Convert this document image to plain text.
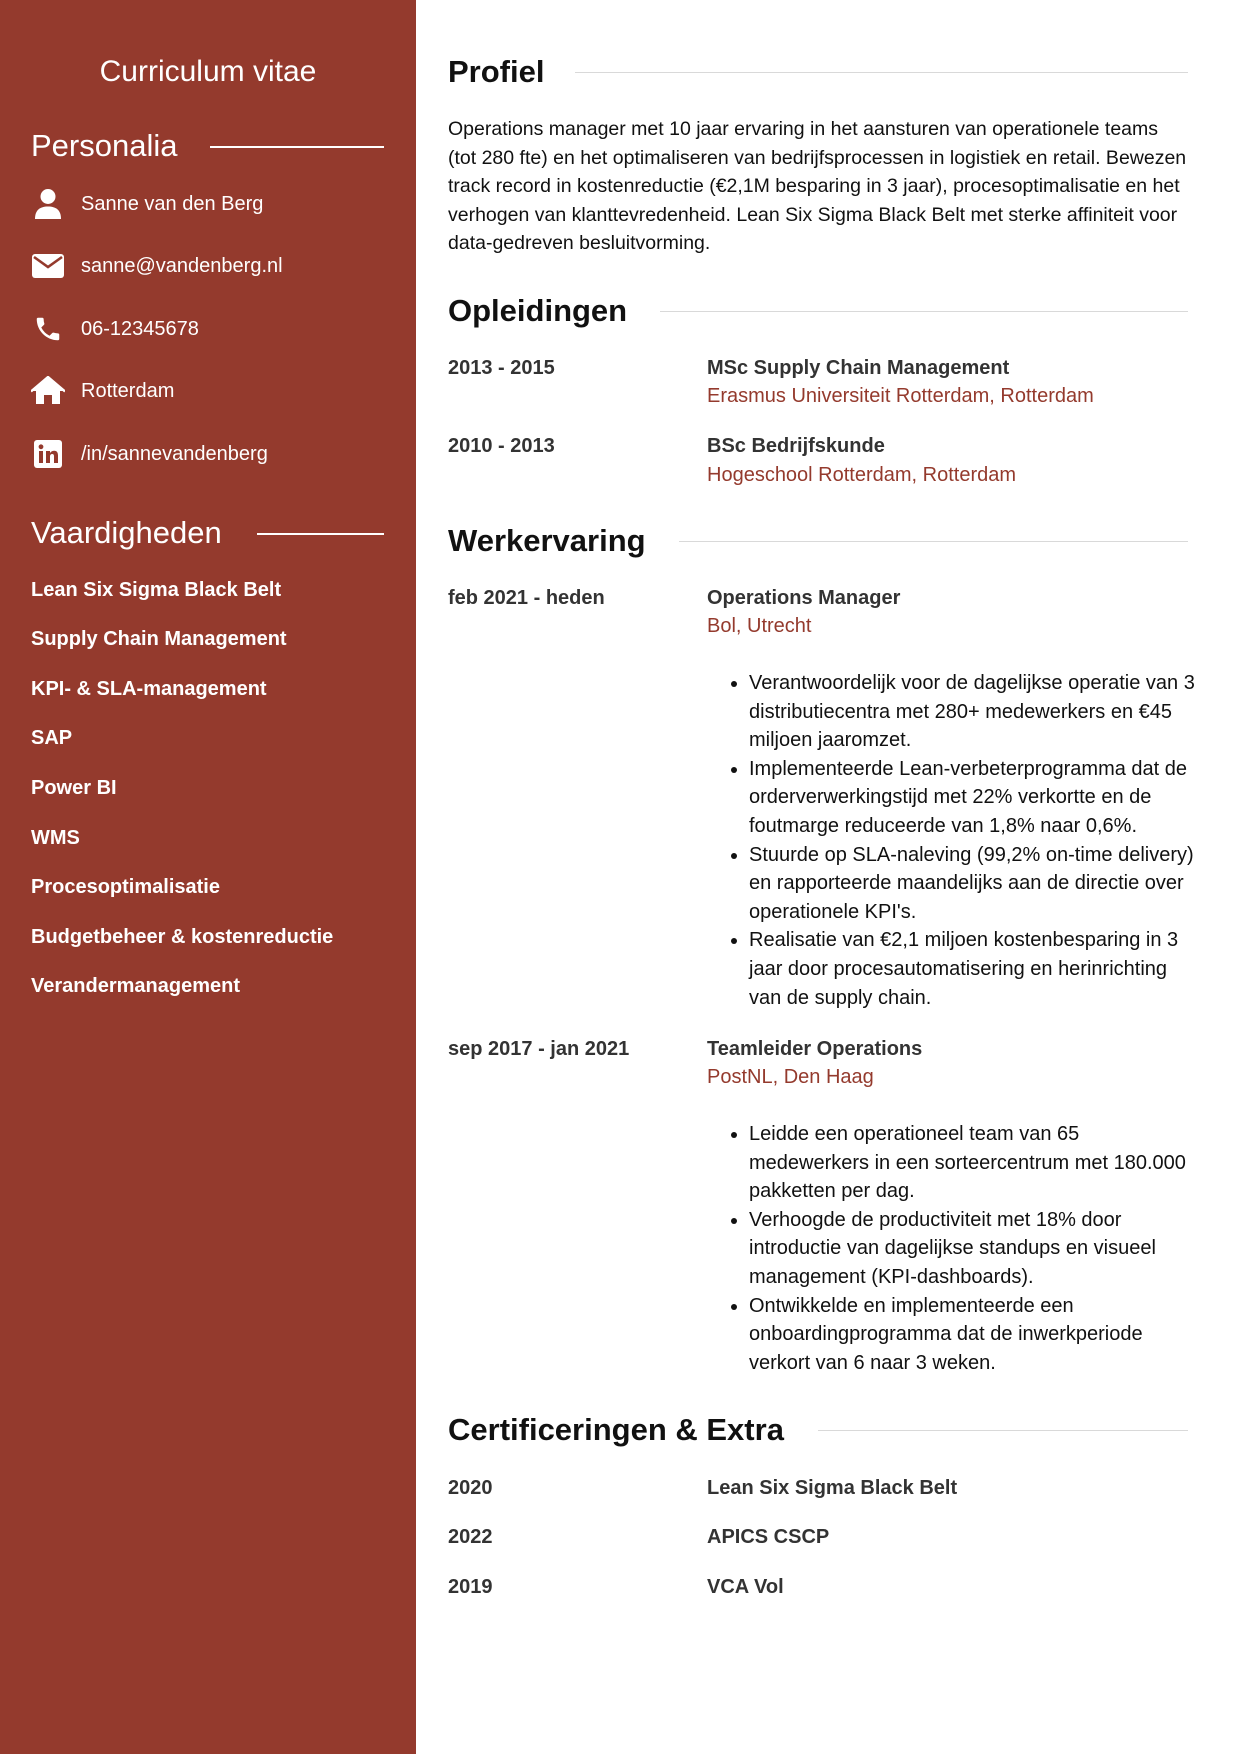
Curriculum vitae
Personalia
Sanne van den Berg
sanne@vandenberg.nl
06-12345678
Rotterdam
/in/sannevandenberg
Vaardigheden
Lean Six Sigma Black Belt
Supply Chain Management
KPI- & SLA-management
SAP
Power BI
WMS
Procesoptimalisatie
Budgetbeheer & kostenreductie
Verandermanagement
Profiel
Operations manager met 10 jaar ervaring in het aansturen van operationele teams (tot 280 fte) en het optimaliseren van bedrijfsprocessen in logistiek en retail. Bewezen track record in kostenreductie (€2,1M besparing in 3 jaar), procesoptimalisatie en het verhogen van klanttevredenheid. Lean Six Sigma Black Belt met sterke affiniteit voor data-gedreven besluitvorming.
Opleidingen
2013 - 2015	MSc Supply Chain Management
Erasmus Universiteit Rotterdam, Rotterdam
2010 - 2013	BSc Bedrijfskunde
Hogeschool Rotterdam, Rotterdam
Werkervaring
feb 2021 - heden	Operations Manager
Bol, Utrecht
• Verantwoordelijk voor de dagelijkse operatie van 3 distributiecentra met 280+ medewerkers en €45 miljoen jaaromzet.
• Implementeerde Lean-verbeterprogramma dat de orderverwerkingstijd met 22% verkortte en de foutmarge reduceerde van 1,8% naar 0,6%.
• Stuurde op SLA-naleving (99,2% on-time delivery) en rapporteerde maandelijks aan de directie over operationele KPI's.
• Realisatie van €2,1 miljoen kostenbesparing in 3 jaar door procesautomatisering en herinrichting van de supply chain.
sep 2017 - jan 2021	Teamleider Operations
PostNL, Den Haag
• Leidde een operationeel team van 65 medewerkers in een sorteercentrum met 180.000 pakketten per dag.
• Verhoogde de productiviteit met 18% door introductie van dagelijkse standups en visueel management (KPI-dashboards).
• Ontwikkelde en implementeerde een onboardingprogramma dat de inwerkperiode verkort van 6 naar 3 weken.
Certificeringen & Extra
2020	Lean Six Sigma Black Belt
2022	APICS CSCP
2019	VCA Vol
